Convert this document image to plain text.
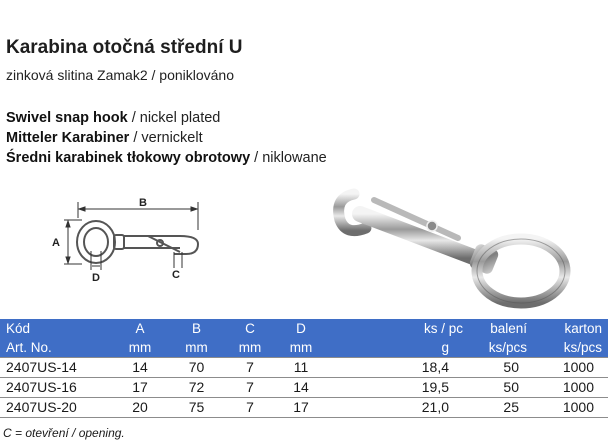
Karabina otočná střední U
zinková slitina Zamak2 / poniklováno
Swivel snap hook / nickel plated
Mitteler Karabiner / vernickelt
Średni karabinek tłokowy obrotowy / niklowane
B
A
D	C
Kód	A	B	C	D	ks / pc	balení	karton
Art. No.	mm	mm	mm	mm	g	ks/pcs	ks/pcs
2407US-14	14	70	7	11	18,4	50	1000
2407US-16	17	72	7	14	19,5	50	1000
2407US-20	20	75	7	17	21,0	25	1000
C = otevření / opening.
